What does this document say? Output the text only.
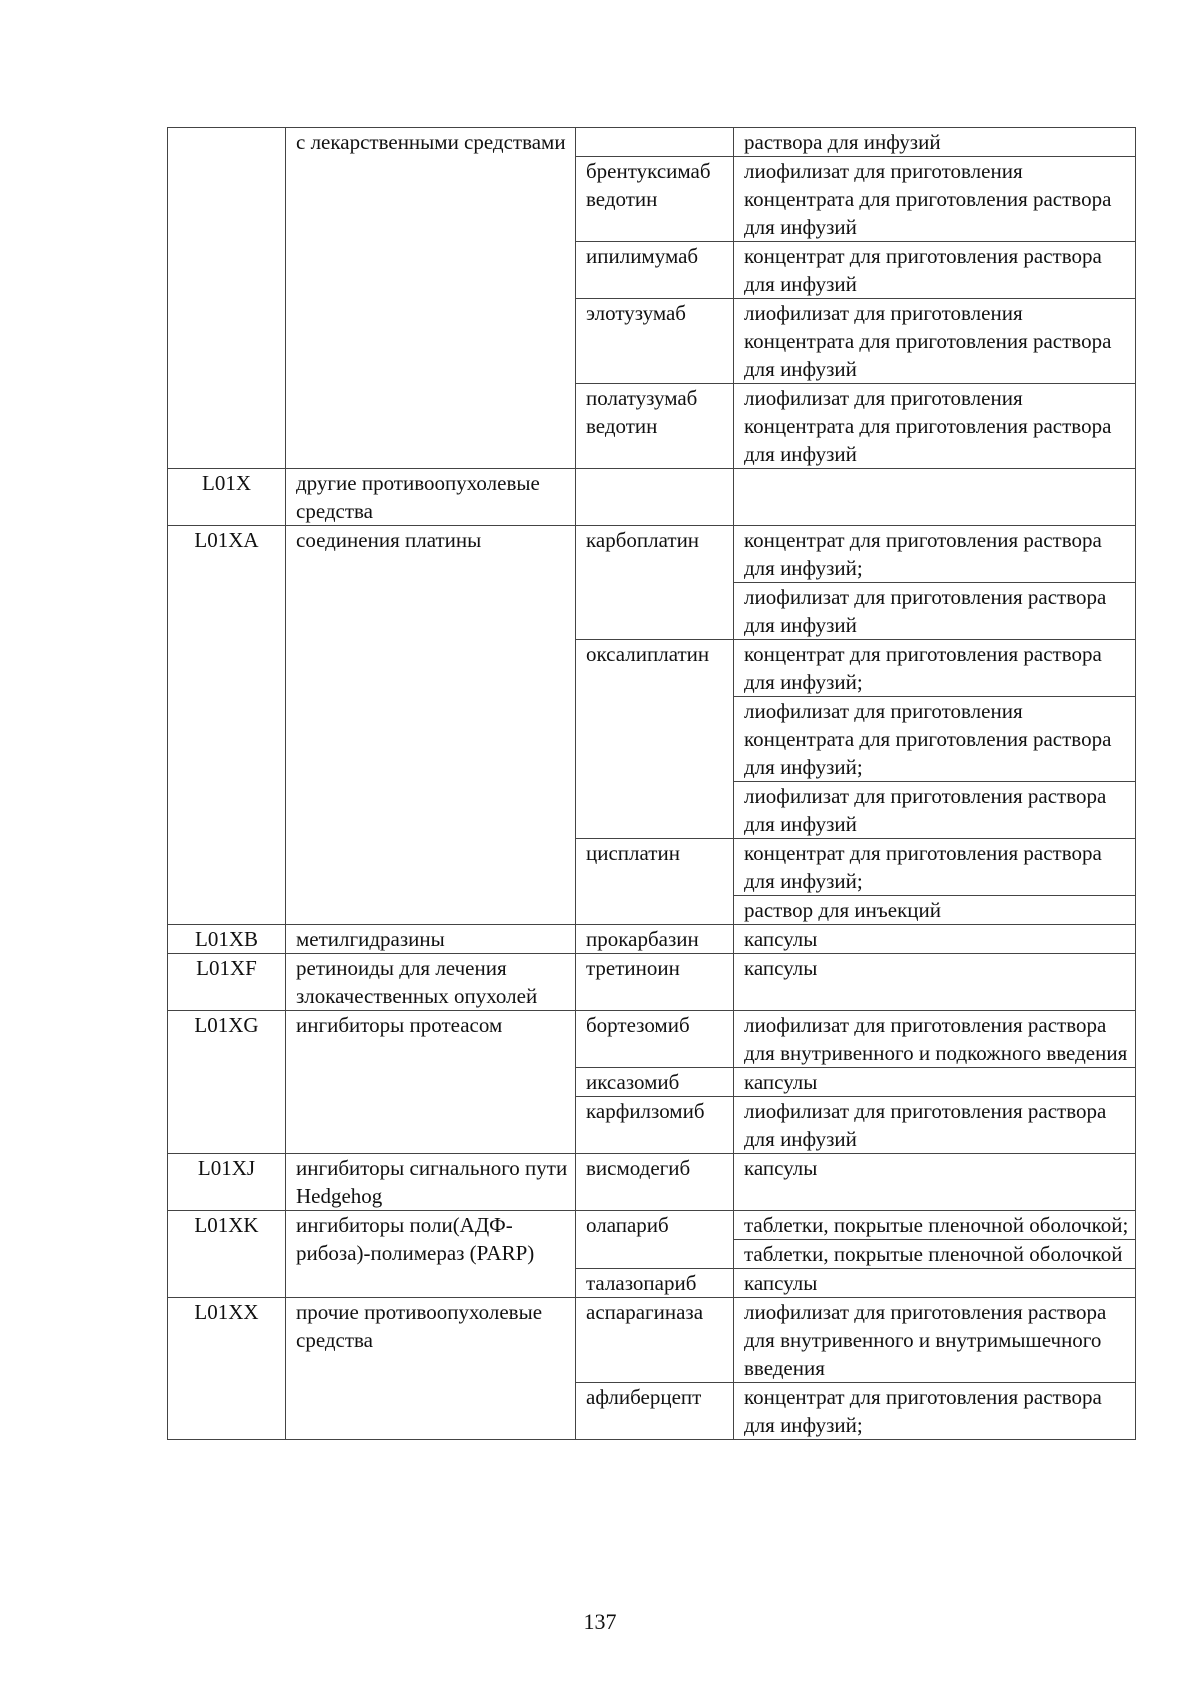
	с лекарственными средствами		раствора для инфузий
		брентуксимаб ведотин	лиофилизат для приготовления концентрата для приготовления раствора для инфузий
		ипилимумаб	концентрат для приготовления раствора для инфузий
		элотузумаб	лиофилизат для приготовления концентрата для приготовления раствора для инфузий
		полатузумаб ведотин	лиофилизат для приготовления концентрата для приготовления раствора для инфузий
L01X	другие противоопухолевые средства		
L01XA	соединения платины	карбоплатин	концентрат для приготовления раствора для инфузий;
			лиофилизат для приготовления раствора для инфузий
		оксалиплатин	концентрат для приготовления раствора для инфузий;
			лиофилизат для приготовления концентрата для приготовления раствора для инфузий;
			лиофилизат для приготовления раствора для инфузий
		цисплатин	концентрат для приготовления раствора для инфузий;
			раствор для инъекций
L01XB	метилгидразины	прокарбазин	капсулы
L01XF	ретиноиды для лечения злокачественных опухолей	третиноин	капсулы
L01XG	ингибиторы протеасом	бортезомиб	лиофилизат для приготовления раствора для внутривенного и подкожного введения
		иксазомиб	капсулы
		карфилзомиб	лиофилизат для приготовления раствора для инфузий
L01XJ	ингибиторы сигнального пути Hedgehog	висмодегиб	капсулы
L01XK	ингибиторы поли(АДФ-рибоза)-полимераз (PARP)	олапариб	таблетки, покрытые пленочной оболочкой;
			таблетки, покрытые пленочной оболочкой
		талазопариб	капсулы
L01XX	прочие противоопухолевые средства	аспарагиназа	лиофилизат для приготовления раствора для внутривенного и внутримышечного введения
		афлиберцепт	концентрат для приготовления раствора для инфузий;
137
